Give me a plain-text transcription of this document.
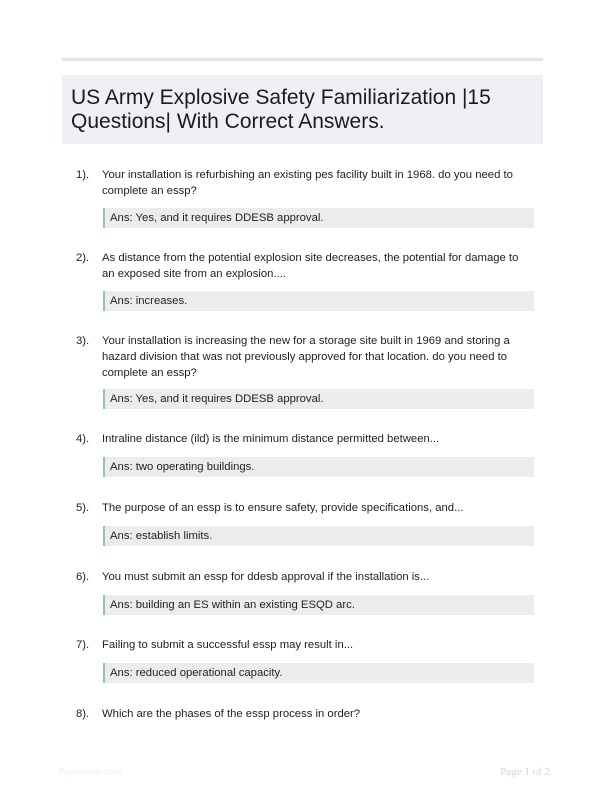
US Army Explosive Safety Familiarization |15 Questions| With Correct Answers.
1). Your installation is refurbishing an existing pes facility built in 1968. do you need to complete an essp?
Ans: Yes, and it requires DDESB approval.
2). As distance from the potential explosion site decreases, the potential for damage to an exposed site from an explosion....
Ans: increases.
3). Your installation is increasing the new for a storage site built in 1969 and storing a hazard division that was not previously approved for that location. do you need to complete an essp?
Ans: Yes, and it requires DDESB approval.
4). Intraline distance (ild) is the minimum distance permitted between...
Ans: two operating buildings.
5). The purpose of an essp is to ensure safety, provide specifications, and...
Ans: establish limits.
6). You must submit an essp for ddesb approval if the installation is...
Ans: building an ES within an existing ESQD arc.
7). Failing to submit a successful essp may result in...
Ans: reduced operational capacity.
8). Which are the phases of the essp process in order?
Paperfolio.com	Page 1 of 2
